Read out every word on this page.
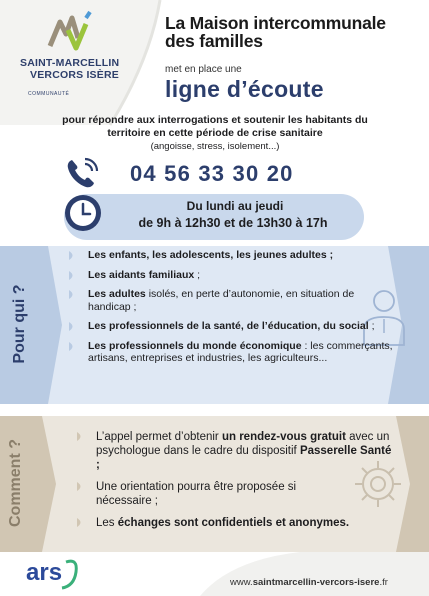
SAINT-MARCELLIN
VERCORS ISÈRE
COMMUNAUTÉ
La Maison intercommunale
des familles
met en place une
ligne d’écoute
pour répondre aux interrogations et soutenir les habitants du
territoire en cette période de crise sanitaire
(angoisse, stress, isolement...)
04 56 33 30 20
Du lundi au jeudi
de 9h à 12h30 et de 13h30 à 17h
Pour qui ?
Les enfants, les adolescents, les jeunes adultes ;
Les aidants familiaux ;
Les adultes isolés, en perte d’autonomie, en situation de handicap ;
Les professionnels de la santé, de l’éducation, du social ;
Les professionnels du monde économique : les commerçants, artisans, entreprises et industries, les agriculteurs...
Comment ?
L’appel permet d’obtenir un rendez-vous gratuit avec un psychologue dans le cadre du dispositif Passerelle Santé ;
Une orientation pourra être proposée si nécessaire ;
Les échanges sont confidentiels et anonymes.
ars	www.saintmarcellin-vercors-isere.fr
